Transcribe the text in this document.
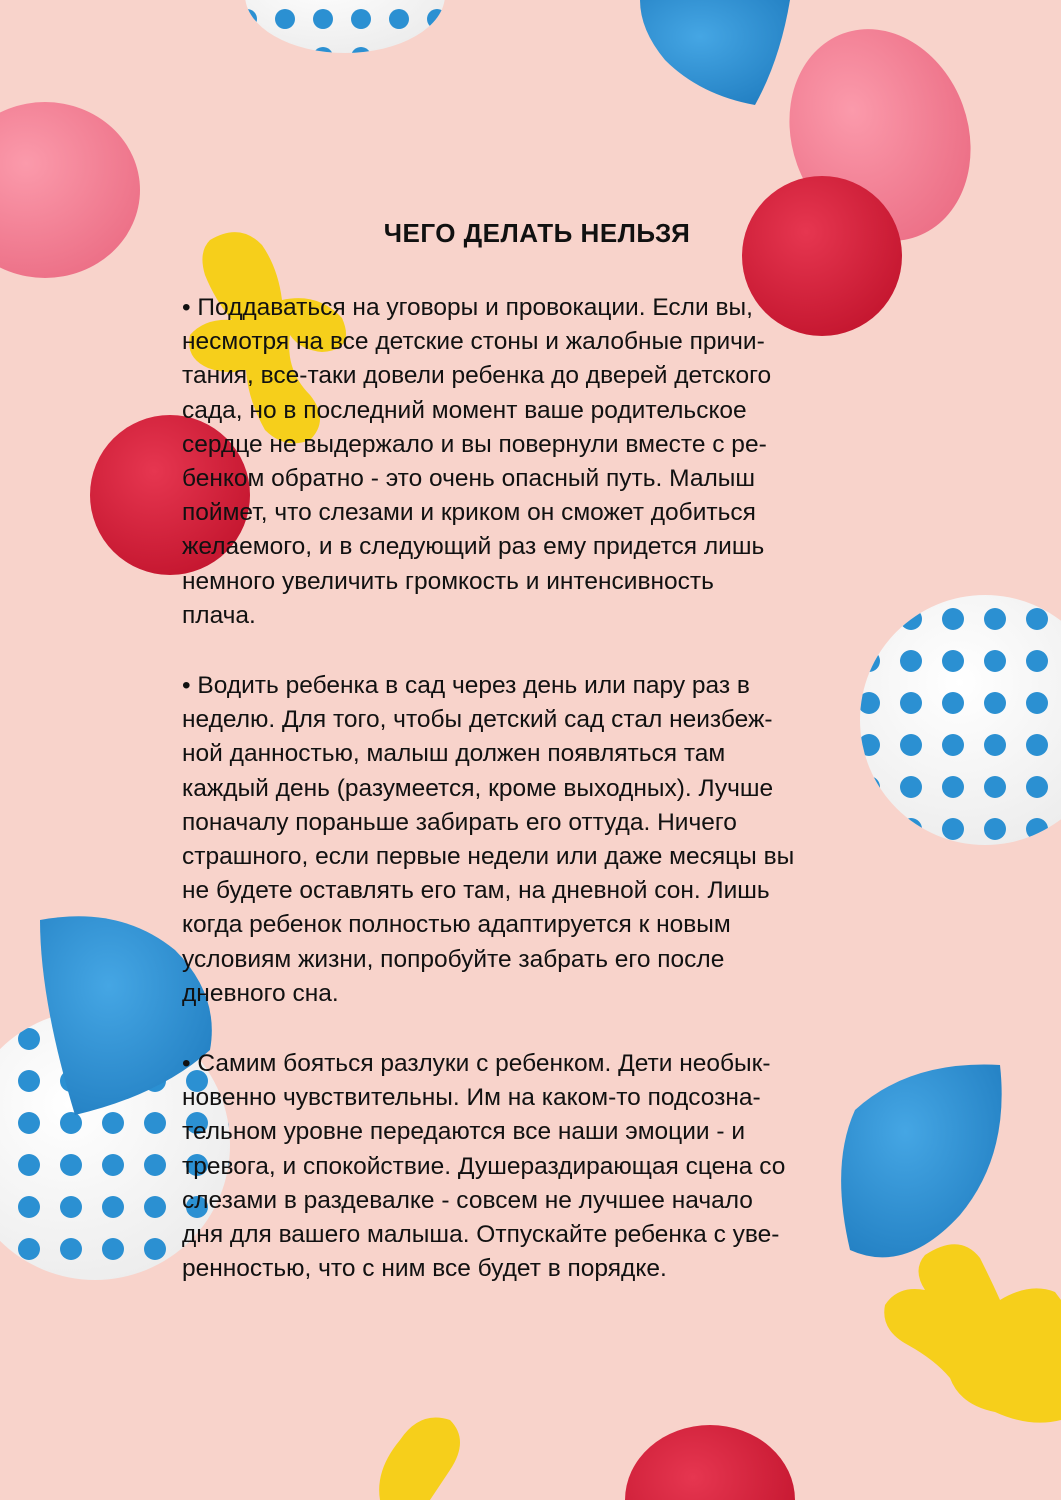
ЧЕГО ДЕЛАТЬ НЕЛЬЗЯ
• Поддаваться на уговоры и провокации. Если вы,
несмотря на все детские стоны и жалобные причи-
тания, все-таки довели ребенка до дверей детского
сада, но в последний момент ваше родительское
сердце не выдержало и вы повернули вместе с ре-
бенком обратно - это очень опасный путь. Малыш
поймет, что слезами и криком он сможет добиться
желаемого, и в следующий раз ему придется лишь
немного увеличить громкость и интенсивность
плача.
• Водить ребенка в сад через день или пару раз в
неделю. Для того, чтобы детский сад стал неизбеж-
ной данностью, малыш должен появляться там
каждый день (разумеется, кроме выходных). Лучше
поначалу пораньше забирать его оттуда. Ничего
страшного, если первые недели или даже месяцы вы
не будете оставлять его там, на дневной сон. Лишь
когда ребенок полностью адаптируется к новым
условиям жизни, попробуйте забрать его после
дневного сна.
• Самим бояться разлуки с ребенком. Дети необык-
новенно чувствительны. Им на каком-то подсозна-
тельном уровне передаются все наши эмоции - и
тревога, и спокойствие. Душераздирающая сцена со
слезами в раздевалке - совсем не лучшее начало
дня для вашего малыша. Отпускайте ребенка с уве-
ренностью, что с ним все будет в порядке.
